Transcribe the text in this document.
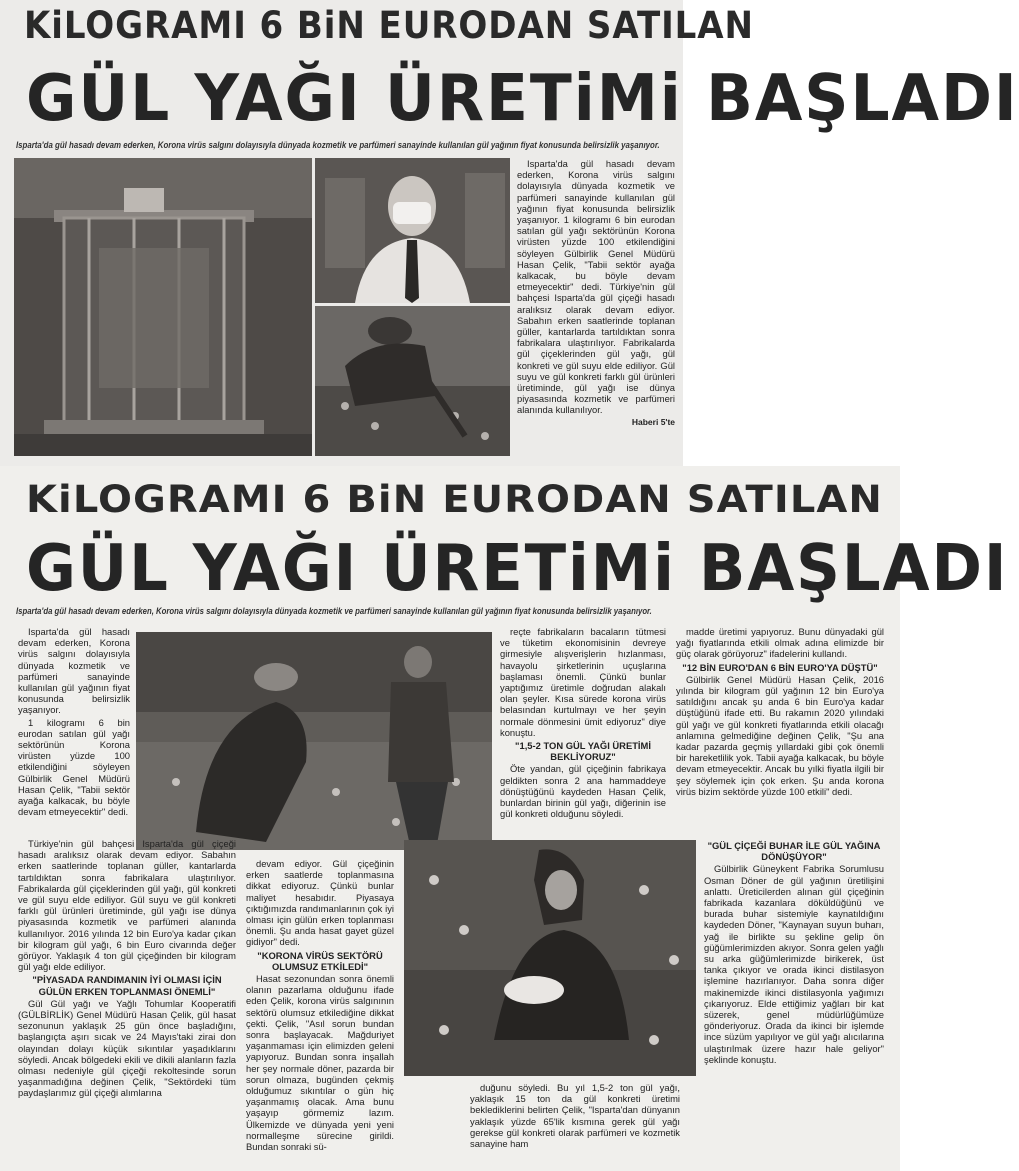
KiLOGRAMI 6 BiN EURODAN SATILAN
GÜL YAĞI ÜRETiMi BAŞLADI
Isparta'da gül hasadı devam ederken, Korona virüs salgını dolayısıyla dünyada kozmetik ve parfümeri sanayinde kullanılan gül yağının fiyat konusunda belirsizlik yaşanıyor.

Isparta'da gül hasadı devam ederken, Korona virüs salgını dolayısıyla dünyada kozmetik ve parfümeri sanayinde kullanılan gül yağının fiyat konusunda belirsizlik yaşanıyor. 1 kilogramı 6 bin eurodan satılan gül yağı sektörünün Korona virüsten yüzde 100 etkilendiğini söyleyen Gülbirlik Genel Müdürü Hasan Çelik, "Tabii sektör ayağa kalkacak, bu böyle devam etmeyecektir" dedi. Türkiye'nin gül bahçesi Isparta'da gül çiçeği hasadı aralıksız olarak devam ediyor. Sabahın erken saatlerinde toplanan güller, kantarlarda tartıldıktan sonra fabrikalara ulaştırılıyor. Fabrikalarda gül çiçeklerinden gül yağı, gül konkreti ve gül suyu elde ediliyor. Gül suyu ve gül konkreti farklı gül ürünleri üretiminde, gül yağı ise dünya piyasasında kozmetik ve parfümeri alanında kullanılıyor.

Haberi 5'te
KiLOGRAMI 6 BiN EURODAN SATILAN
GÜL YAĞI ÜRETiMi BAŞLADI
Isparta'da gül hasadı devam ederken, Korona virüs salgını dolayısıyla dünyada kozmetik ve parfümeri sanayinde kullanılan gül yağının fiyat konusunda belirsizlik yaşanıyor.

Isparta'da gül hasadı devam ederken, Korona virüs salgını dolayısıyla dünyada kozmetik ve parfümeri sanayinde kullanılan gül yağının fiyat konusunda belirsizlik yaşanıyor.

1 kilogramı 6 bin eurodan satılan gül yağı sektörünün Korona virüsten yüzde 100 etkilendiğini söyleyen Gülbirlik Genel Müdürü Hasan Çelik, "Tabii sektör ayağa kalkacak, bu böyle devam etmeyecektir" dedi.

Türkiye'nin gül bahçesi Isparta'da gül çiçeği hasadı aralıksız olarak devam ediyor. Sabahın erken saatlerinde toplanan güller, kantarlarda tartıldıktan sonra fabrikalara ulaştırılıyor. Fabrikalarda gül çiçeklerinden gül yağı, gül konkreti ve gül suyu elde ediliyor. Gül suyu ve gül konkreti farklı gül ürünleri üretiminde, gül yağı ise dünya piyasasında kozmetik ve parfümeri alanında kullanılıyor. 2016 yılında 12 bin Euro'ya kadar çıkan bir kilogram gül yağı, 6 bin Euro civarında değer görüyor. Yaklaşık 4 ton gül çiçeğinden bir kilogram gül yağı elde ediliyor.

"PİYASADA RANDIMANIN İYİ OLMASI İÇİN GÜLÜN ERKEN TOPLANMASI ÖNEMLİ"

Gül Gül yağı ve Yağlı Tohumlar Kooperatifi (GÜLBİRLİK) Genel Müdürü Hasan Çelik, gül hasat sezonunun yaklaşık 25 gün önce başladığını, başlangıçta aşırı sıcak ve 24 Mayıs'taki zirai don olayından dolayı küçük sıkıntılar yaşadıklarını söyledi. Ancak bölgedeki ekili ve dikili alanların fazla olması nedeniyle gül çiçeği rekoltesinde sorun yaşanmadığına değinen Çelik, "Sektördeki tüm paydaşlarımız gül çiçeği alımlarına

devam ediyor. Gül çiçeğinin erken saatlerde toplanmasına dikkat ediyoruz. Çünkü bunlar maliyet hesabıdır. Piyasaya çıktığımızda randımanlarının çok iyi olması için gülün erken toplanması önemli. Şu anda hasat gayet güzel gidiyor" dedi.

"KORONA VİRÜS SEKTÖRÜ OLUMSUZ ETKİLEDİ"

Hasat sezonundan sonra önemli olanın pazarlama olduğunu ifade eden Çelik, korona virüs salgınının sektörü olumsuz etkilediğine dikkat çekti. Çelik, "Asıl sorun bundan sonra başlayacak. Mağduriyet yaşanmaması için elimizden geleni yapıyoruz. Bundan sonra inşallah her şey normale döner, pazarda bir sorun olmaza, bugünden çekmiş olduğumuz sıkıntılar o gün hiç yaşanmamış olacak. Ama bunu yaşayıp görmemiz lazım. Ülkemizde ve dünyada yeni yeni normalleşme sürecine girildi. Bundan sonraki sü-

reçte fabrikaların bacaların tütmesi ve tüketim ekonomisinin devreye girmesiyle alışverişlerin hızlanması, havayolu şirketlerinin uçuşlarına başlaması önemli. Çünkü bunlar yaptığımız üretimle doğrudan alakalı olan şeyler. Kısa sürede korona virüs belasından kurtulmayı ve her şeyin normale dönmesini ümit ediyoruz" diye konuştu.

"1,5-2 TON GÜL YAĞI ÜRETİMİ BEKLİYORUZ"

Öte yandan, gül çiçeğinin fabrikaya geldikten sonra 2 ana hammaddeye dönüştüğünü kaydeden Hasan Çelik, bunlardan birinin gül yağı, diğerinin ise gül konkreti olduğunu söyledi.

duğunu söyledi. Bu yıl 1,5-2 ton gül yağı, yaklaşık 15 ton da gül konkreti üretimi beklediklerini belirten Çelik, "Isparta'dan dünyanın yaklaşık yüzde 65'lik kısmına gerek gül yağı gerekse gül konkreti olarak parfümeri ve kozmetik sanayine ham

madde üretimi yapıyoruz. Bunu dünyadaki gül yağı fiyatlarında etkili olmak adına elimizde bir güç olarak görüyoruz" ifadelerini kullandı.

"12 BİN EURO'DAN 6 BİN EURO'YA DÜŞTÜ"

Gülbirlik Genel Müdürü Hasan Çelik, 2016 yılında bir kilogram gül yağının 12 bin Euro'ya satıldığını ancak şu anda 6 bin Euro'ya kadar düştüğünü ifade etti. Bu rakamın 2020 yılındaki gül yağı ve gül konkreti fiyatlarında etkili olacağı anlamına gelmediğine değinen Çelik, "Şu ana kadar pazarda geçmiş yıllardaki gibi çok önemli bir hareketlilik yok. Tabii ayağa kalkacak, bu böyle devam etmeyecektir. Ancak bu yılki fiyatla ilgili bir şey söylemek için çok erken. Şu anda korona virüs bizim sektörde yüzde 100 etkili" dedi.

"GÜL ÇİÇEĞİ BUHAR İLE GÜL YAĞINA DÖNÜŞÜYOR"

Gülbirlik Güneykent Fabrika Sorumlusu Osman Döner de gül yağının üretilişini anlattı. Üreticilerden alınan gül çiçeğinin fabrikada kazanlara döküldüğünü ve burada buhar sistemiyle kaynatıldığını kaydeden Döner, "Kaynayan suyun buharı, yağ ile birlikte su şekline gelip ön güğümlerimizden akıyor. Sonra gelen yağlı su arka güğümlerimizde birikerek, üst tanka çıkıyor ve orada ikinci distilasyon işlemine hazırlanıyor. Daha sonra diğer makinemizde ikinci distilasyonla yağımızı çıkarıyoruz. Elde ettiğimiz yağları bir kat süzerek, genel müdürlüğümüze gönderiyoruz. Orada da ikinci bir işlemde ince süzüm yapılıyor ve gül yağı alıcılarına ulaştırılmak üzere hazır hale geliyor" şeklinde konuştu.
